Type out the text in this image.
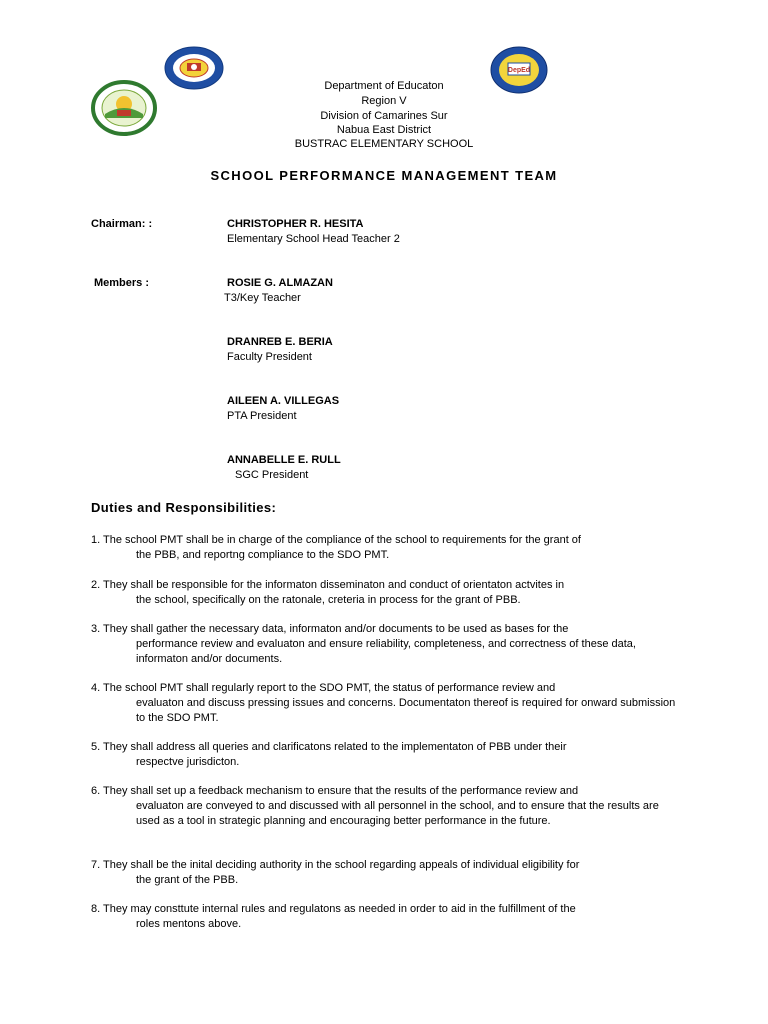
DepEd
Department of Educaton
Region V
Division of Camarines Sur
Nabua East District
BUSTRAC ELEMENTARY SCHOOL
SCHOOL PERFORMANCE MANAGEMENT TEAM
Chairman: :	CHRISTOPHER R. HESITA
Elementary School Head Teacher 2
Members :	ROSIE G. ALMAZAN
T3/Key Teacher
DRANREB E. BERIA
Faculty President
AILEEN A. VILLEGAS
PTA President
ANNABELLE E. RULL
SGC President
Duties and Responsibilities:
1. The school PMT shall be in charge of the compliance of the school to requirements for the grant of
the PBB, and reportng compliance to the SDO PMT.
2. They shall be responsible for the informaton disseminaton and conduct of orientaton actvites in
the school, specifically on the ratonale, creteria in process for the grant of PBB.
3. They shall gather the necessary data, informaton and/or documents to be used as bases for the
performance review and evaluaton and ensure reliability, completeness, and correctness of these data, informaton and/or documents.
4. The school PMT shall regularly report to the SDO PMT, the status of performance review and
evaluaton and discuss pressing issues and concerns. Documentaton thereof is required for onward submission to the SDO PMT.
5. They shall address all queries and clarificatons related to the implementaton of PBB under their
respectve jurisdicton.
6. They shall set up a feedback mechanism to ensure that the results of the performance review and
evaluaton are conveyed to and discussed with all personnel in the school, and to ensure that the results are used as a tool in strategic planning and encouraging better performance in the future.
7. They shall be the inital deciding authority in the school regarding appeals of individual eligibility for
the grant of the PBB.
8. They may consttute internal rules and regulatons as needed in order to aid in the fulfillment of the
roles mentons above.
